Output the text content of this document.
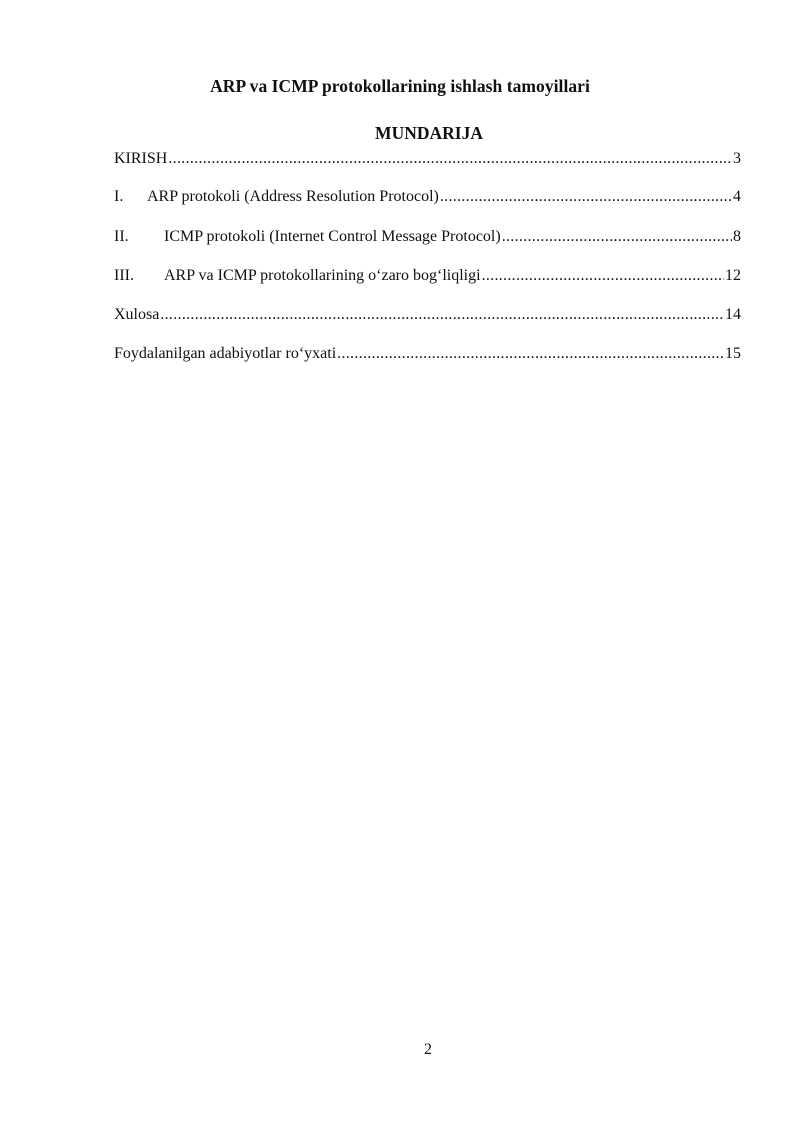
ARP va ICMP protokollarining ishlash tamoyillari
MUNDARIJA
KIRISH .....	3
I.	ARP protokoli (Address Resolution Protocol) .....	4
II.	ICMP protokoli (Internet Control Message Protocol) .....	8
III.	ARP va ICMP protokollarining o‘zaro bog‘liqligi .....	12
Xulosa .....	14
Foydalanilgan adabiyotlar ro‘yxati .....	15
2
